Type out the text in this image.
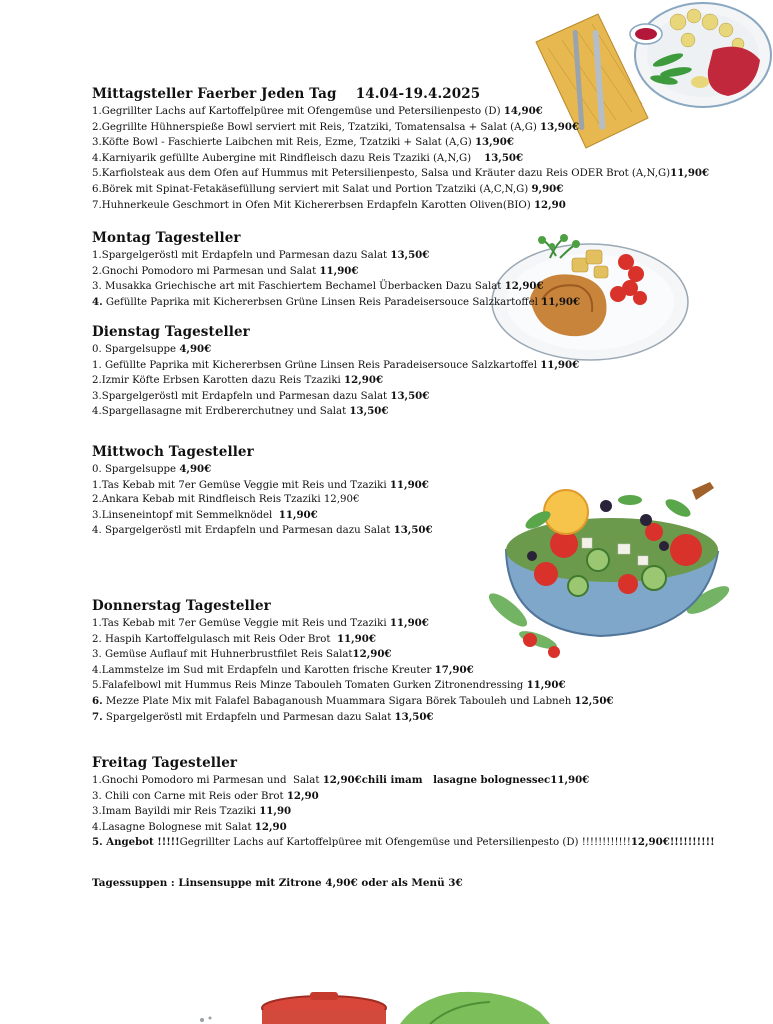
Mittagsteller Faerber Jeden Tag    14.04-19.4.2025
1.Gegrillter Lachs auf Kartoffelpüree mit Ofengemüse und Petersilienpesto (D) 14,90€
2.Gegrillte Hühnerspieße Bowl serviert mit Reis, Tzatziki, Tomatensalsa + Salat (A,G) 13,90€
3.Köfte Bowl - Faschierte Laibchen mit Reis, Ezme, Tzatziki + Salat (A,G) 13,90€
4.Karniyarik gefüllte Aubergine mit Rindfleisch dazu Reis Tzaziki (A,N,G)    13,50€
5.Karfiolsteak aus dem Ofen auf Hummus mit Petersilienpesto, Salsa und Kräuter dazu Reis ODER Brot (A,N,G)11,90€
6.Börek mit Spinat-Fetakäsefüllung serviert mit Salat und Portion Tzatziki (A,C,N,G) 9,90€
7.Huhnerkeule Geschmort in Ofen Mit Kichererbsen Erdapfeln Karotten Oliven(BIO) 12,90
Montag Tagesteller
1.Spargelgeröstl mit Erdapfeln und Parmesan dazu Salat 13,50€
2.Gnochi Pomodoro mi Parmesan und Salat 11,90€
3. Musakka Griechische art mit Faschiertem Bechamel Überbacken Dazu Salat 12,90€
4. Gefüllte Paprika mit Kichererbsen Grüne Linsen Reis Paradeisersouce Salzkartoffel 11,90€
Dienstag Tagesteller
0. Spargelsuppe 4,90€
1. Gefüllte Paprika mit Kichererbsen Grüne Linsen Reis Paradeisersouce Salzkartoffel 11,90€
2.Izmir Köfte Erbsen Karotten dazu Reis Tzaziki 12,90€
3.Spargelgeröstl mit Erdapfeln und Parmesan dazu Salat 13,50€
4.Spargellasagne mit Erdbererchutney und Salat 13,50€
Mittwoch Tagesteller
0. Spargelsuppe 4,90€
1.Tas Kebab mit 7er Gemüse Veggie mit Reis und Tzaziki 11,90€
2.Ankara Kebab mit Rindfleisch Reis Tzaziki 12,90€
3.Linseneintopf mit Semmelknödel  11,90€
4. Spargelgeröstl mit Erdapfeln und Parmesan dazu Salat 13,50€
Donnerstag Tagesteller
1.Tas Kebab mit 7er Gemüse Veggie mit Reis und Tzaziki 11,90€
2. Haspih Kartoffelgulasch mit Reis Oder Brot  11,90€
3. Gemüse Auflauf mit Huhnerbrustfilet Reis Salat12,90€
4.Lammstelze im Sud mit Erdapfeln und Karotten frische Kreuter 17,90€
5.Falafelbowl mit Hummus Reis Minze Tabouleh Tomaten Gurken Zitronendressing 11,90€
6. Mezze Plate Mix mit Falafel Babaganoush Muammara Sigara Börek Tabouleh und Labneh 12,50€
7. Spargelgeröstl mit Erdapfeln und Parmesan dazu Salat 13,50€
Freitag Tagesteller
1.Gnochi Pomodoro mi Parmesan und  Salat 12,90€chili imam   lasagne bolognessec11,90€
3. Chili con Carne mit Reis oder Brot 12,90
3.Imam Bayildi mir Reis Tzaziki 11,90
4.Lasagne Bolognese mit Salat 12,90
5. Angebot !!!!!Gegrillter Lachs auf Kartoffelpüree mit Ofengemüse und Petersilienpesto (D) !!!!!!!!!!!!12,90€!!!!!!!!!!
Tagessuppen : Linsensuppe mit Zitrone 4,90€ oder als Menü 3€
